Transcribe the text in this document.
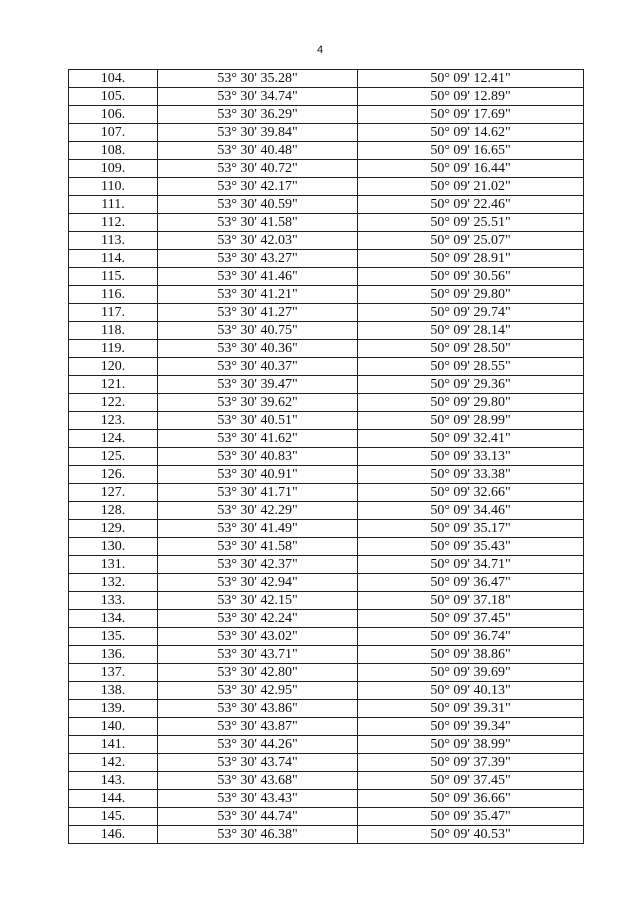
4
104.	53° 30' 35.28"	50° 09' 12.41"
105.	53° 30' 34.74"	50° 09' 12.89"
106.	53° 30' 36.29"	50° 09' 17.69"
107.	53° 30' 39.84"	50° 09' 14.62"
108.	53° 30' 40.48"	50° 09' 16.65"
109.	53° 30' 40.72"	50° 09' 16.44"
110.	53° 30' 42.17"	50° 09' 21.02"
111.	53° 30' 40.59"	50° 09' 22.46"
112.	53° 30' 41.58"	50° 09' 25.51"
113.	53° 30' 42.03"	50° 09' 25.07"
114.	53° 30' 43.27"	50° 09' 28.91"
115.	53° 30' 41.46"	50° 09' 30.56"
116.	53° 30' 41.21"	50° 09' 29.80"
117.	53° 30' 41.27"	50° 09' 29.74"
118.	53° 30' 40.75"	50° 09' 28.14"
119.	53° 30' 40.36"	50° 09' 28.50"
120.	53° 30' 40.37"	50° 09' 28.55"
121.	53° 30' 39.47"	50° 09' 29.36"
122.	53° 30' 39.62"	50° 09' 29.80"
123.	53° 30' 40.51"	50° 09' 28.99"
124.	53° 30' 41.62"	50° 09' 32.41"
125.	53° 30' 40.83"	50° 09' 33.13"
126.	53° 30' 40.91"	50° 09' 33.38"
127.	53° 30' 41.71"	50° 09' 32.66"
128.	53° 30' 42.29"	50° 09' 34.46"
129.	53° 30' 41.49"	50° 09' 35.17"
130.	53° 30' 41.58"	50° 09' 35.43"
131.	53° 30' 42.37"	50° 09' 34.71"
132.	53° 30' 42.94"	50° 09' 36.47"
133.	53° 30' 42.15"	50° 09' 37.18"
134.	53° 30' 42.24"	50° 09' 37.45"
135.	53° 30' 43.02"	50° 09' 36.74"
136.	53° 30' 43.71"	50° 09' 38.86"
137.	53° 30' 42.80"	50° 09' 39.69"
138.	53° 30' 42.95"	50° 09' 40.13"
139.	53° 30' 43.86"	50° 09' 39.31"
140.	53° 30' 43.87"	50° 09' 39.34"
141.	53° 30' 44.26"	50° 09' 38.99"
142.	53° 30' 43.74"	50° 09' 37.39"
143.	53° 30' 43.68"	50° 09' 37.45"
144.	53° 30' 43.43"	50° 09' 36.66"
145.	53° 30' 44.74"	50° 09' 35.47"
146.	53° 30' 46.38"	50° 09' 40.53"
